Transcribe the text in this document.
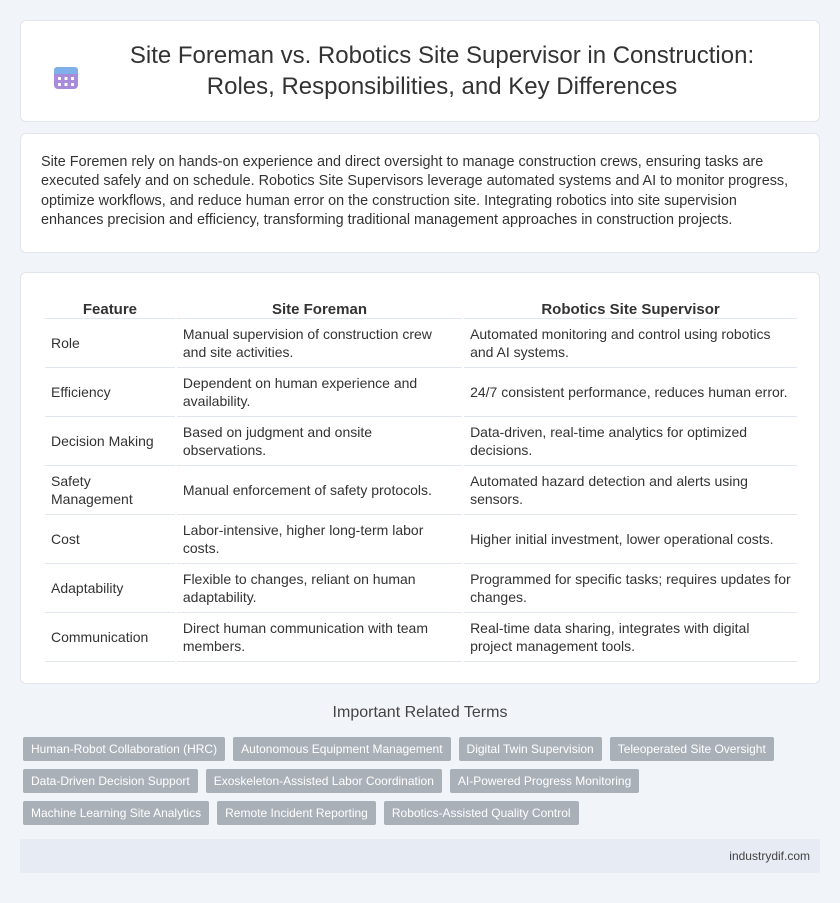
Site Foreman vs. Robotics Site Supervisor in Construction: Roles, Responsibilities, and Key Differences

Site Foremen rely on hands-on experience and direct oversight to manage construction crews, ensuring tasks are executed safely and on schedule. Robotics Site Supervisors leverage automated systems and AI to monitor progress, optimize workflows, and reduce human error on the construction site. Integrating robotics into site supervision enhances precision and efficiency, transforming traditional management approaches in construction projects.

Feature	Site Foreman	Robotics Site Supervisor
Role	Manual supervision of construction crew and site activities.	Automated monitoring and control using robotics and AI systems.
Efficiency	Dependent on human experience and availability.	24/7 consistent performance, reduces human error.
Decision Making	Based on judgment and onsite observations.	Data-driven, real-time analytics for optimized decisions.
Safety Management	Manual enforcement of safety protocols.	Automated hazard detection and alerts using sensors.
Cost	Labor-intensive, higher long-term labor costs.	Higher initial investment, lower operational costs.
Adaptability	Flexible to changes, reliant on human adaptability.	Programmed for specific tasks; requires updates for changes.
Communication	Direct human communication with team members.	Real-time data sharing, integrates with digital project management tools.
Important Related Terms
Human-Robot Collaboration (HRC)	Autonomous Equipment Management	Digital Twin Supervision	Teleoperated Site Oversight
Data-Driven Decision Support	Exoskeleton-Assisted Labor Coordination	AI-Powered Progress Monitoring
Machine Learning Site Analytics	Remote Incident Reporting	Robotics-Assisted Quality Control
industrydif.com
